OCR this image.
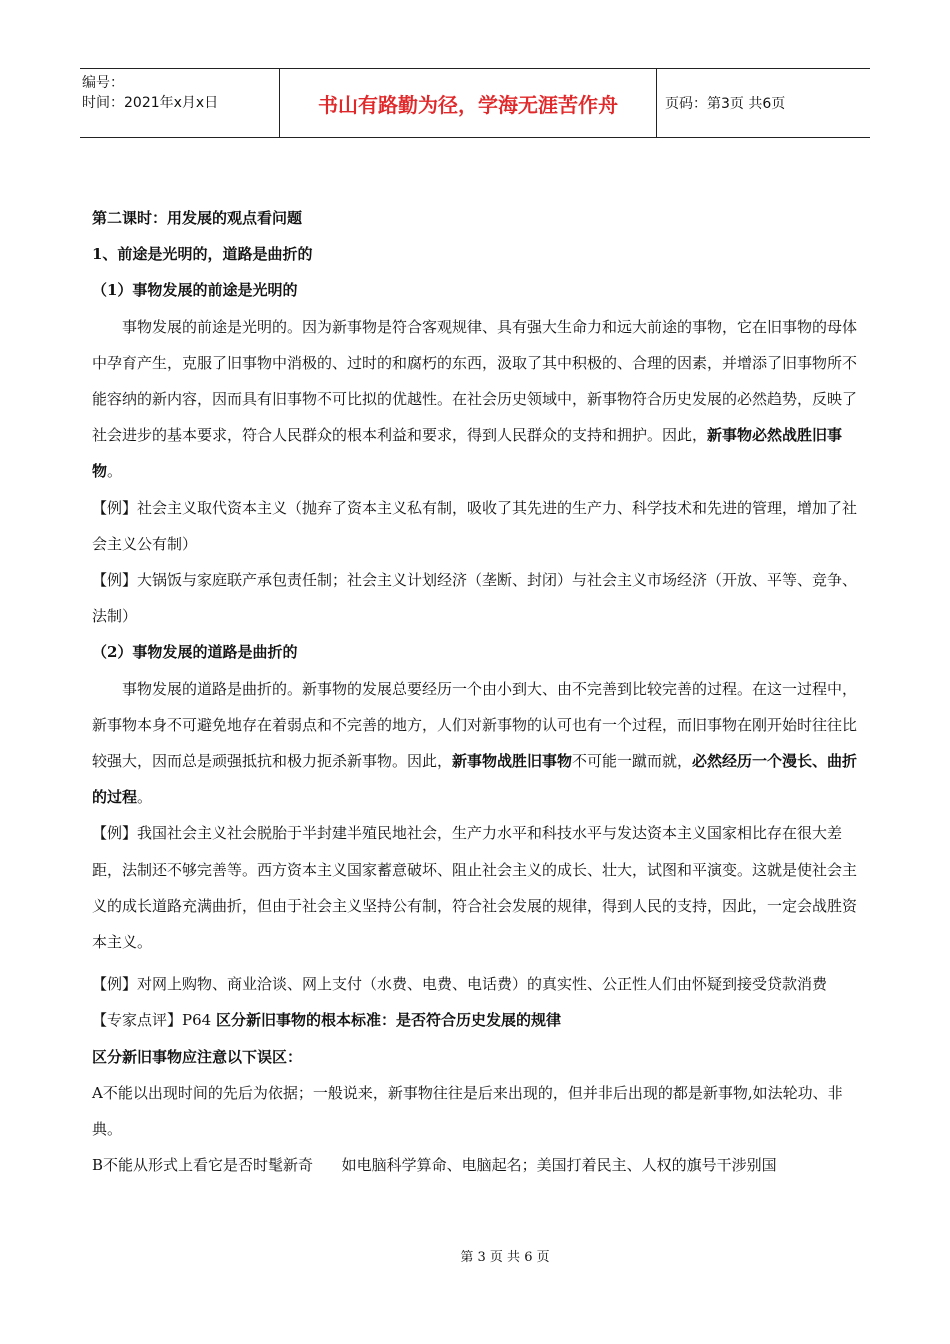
编号：
时间：2021年x月x日	书山有路勤为径，学海无涯苦作舟	页码：第3页 共6页

第二课时：用发展的观点看问题

1、前途是光明的，道路是曲折的

（1）事物发展的前途是光明的

事物发展的前途是光明的。因为新事物是符合客观规律、具有强大生命力和远大前途的事物，它在旧事物的母体中孕育产生，克服了旧事物中消极的、过时的和腐朽的东西，汲取了其中积极的、合理的因素，并增添了旧事物所不能容纳的新内容，因而具有旧事物不可比拟的优越性。在社会历史领域中，新事物符合历史发展的必然趋势，反映了社会进步的基本要求，符合人民群众的根本利益和要求，得到人民群众的支持和拥护。因此，新事物必然战胜旧事物。

【例】社会主义取代资本主义（抛弃了资本主义私有制，吸收了其先进的生产力、科学技术和先进的管理，增加了社会主义公有制）

【例】大锅饭与家庭联产承包责任制；社会主义计划经济（垄断、封闭）与社会主义市场经济（开放、平等、竞争、法制）

（2）事物发展的道路是曲折的

事物发展的道路是曲折的。新事物的发展总要经历一个由小到大、由不完善到比较完善的过程。在这一过程中，新事物本身不可避免地存在着弱点和不完善的地方，人们对新事物的认可也有一个过程，而旧事物在刚开始时往往比较强大，因而总是顽强抵抗和极力扼杀新事物。因此，新事物战胜旧事物不可能一蹴而就，必然经历一个漫长、曲折的过程。

【例】我国社会主义社会脱胎于半封建半殖民地社会，生产力水平和科技水平与发达资本主义国家相比存在很大差距，法制还不够完善等。西方资本主义国家蓄意破坏、阻止社会主义的成长、壮大，试图和平演变。这就是使社会主义的成长道路充满曲折，但由于社会主义坚持公有制，符合社会发展的规律，得到人民的支持，因此，一定会战胜资本主义。

【例】对网上购物、商业洽谈、网上支付（水费、电费、电话费）的真实性、公正性人们由怀疑到接受贷款消费

【专家点评】P64 区分新旧事物的根本标准：是否符合历史发展的规律

区分新旧事物应注意以下误区：

A不能以出现时间的先后为依据；一般说来，新事物往往是后来出现的，但并非后出现的都是新事物,如法轮功、非典。

B不能从形式上看它是否时髦新奇      如电脑科学算命、电脑起名；美国打着民主、人权的旗号干涉别国

第 3 页 共 6 页
